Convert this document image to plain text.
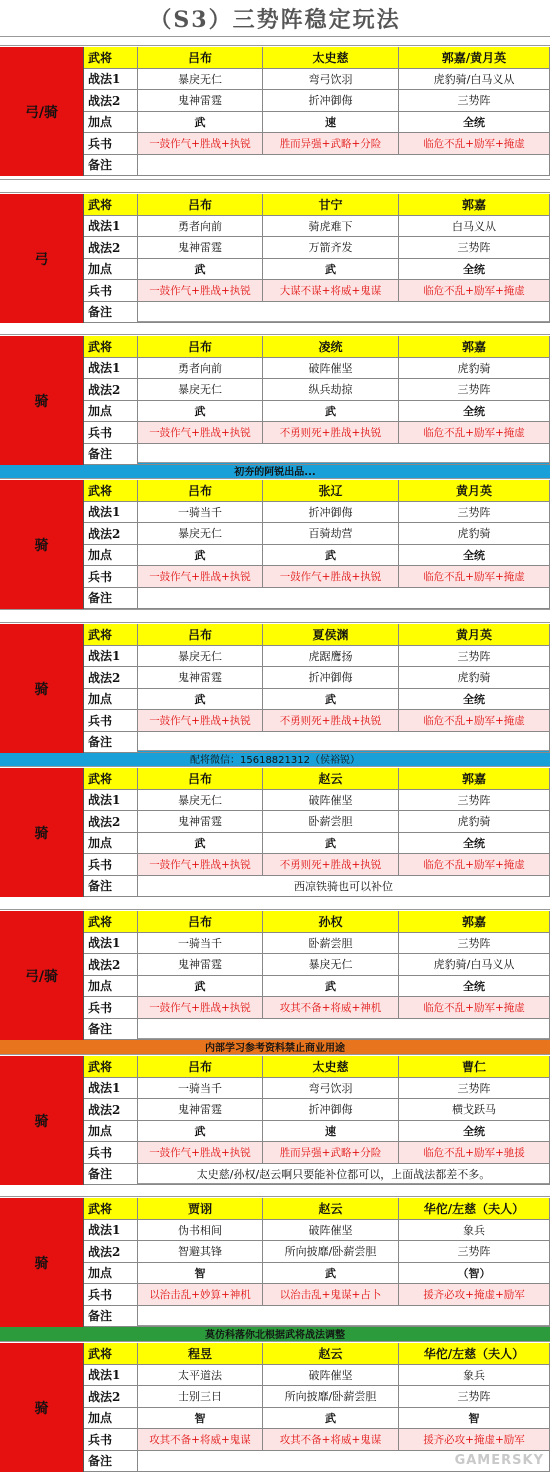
（S3）三势阵稳定玩法
初夯的阿锐出品...
配将微信：15618821312（侯裕锐）
内部学习参考资料禁止商业用途
莫仿科落你北根据武将战法调整
弓/骑
武将	吕布	太史慈	郭嘉/黄月英
战法1	暴戾无仁	弯弓饮羽	虎豹骑/白马义从
战法2	鬼神雷霆	折冲御侮	三势阵
加点	武	速	全统
兵书	一鼓作气+胜战+执锐	胜而异强+武略+分险	临危不乱+励军+掩虚
备注
弓
武将	吕布	甘宁	郭嘉
战法1	勇者向前	骑虎难下	白马义从
战法2	鬼神雷霆	万箭齐发	三势阵
加点	武	武	全统
兵书	一鼓作气+胜战+执锐	大谋不谋+将威+鬼谋	临危不乱+励军+掩虚
备注
骑
武将	吕布	凌统	郭嘉
战法1	勇者向前	破阵催坚	虎豹骑
战法2	暴戾无仁	纵兵劫掠	三势阵
加点	武	武	全统
兵书	一鼓作气+胜战+执锐	不勇则死+胜战+执锐	临危不乱+励军+掩虚
备注
骑
武将	吕布	张辽	黄月英
战法1	一骑当千	折冲御侮	三势阵
战法2	暴戾无仁	百骑劫营	虎豹骑
加点	武	武	全统
兵书	一鼓作气+胜战+执锐	一鼓作气+胜战+执锐	临危不乱+励军+掩虚
备注
骑
武将	吕布	夏侯渊	黄月英
战法1	暴戾无仁	虎踞鹰扬	三势阵
战法2	鬼神雷霆	折冲御侮	虎豹骑
加点	武	武	全统
兵书	一鼓作气+胜战+执锐	不勇则死+胜战+执锐	临危不乱+励军+掩虚
备注
骑
武将	吕布	赵云	郭嘉
战法1	暴戾无仁	破阵催坚	三势阵
战法2	鬼神雷霆	卧薪尝胆	虎豹骑
加点	武	武	全统
兵书	一鼓作气+胜战+执锐	不勇则死+胜战+执锐	临危不乱+励军+掩虚
备注	西凉铁骑也可以补位
弓/骑
武将	吕布	孙权	郭嘉
战法1	一骑当千	卧薪尝胆	三势阵
战法2	鬼神雷霆	暴戾无仁	虎豹骑/白马义从
加点	武	武	全统
兵书	一鼓作气+胜战+执锐	攻其不备+将威+神机	临危不乱+励军+掩虚
备注
骑
武将	吕布	太史慈	曹仁
战法1	一骑当千	弯弓饮羽	三势阵
战法2	鬼神雷霆	折冲御侮	横戈跃马
加点	武	速	全统
兵书	一鼓作气+胜战+执锐	胜而异强+武略+分险	临危不乱+励军+驰援
备注	太史慈/孙权/赵云啊只要能补位都可以，上面战法都差不多。
骑
武将	贾诩	赵云	华佗/左慈（夫人）
战法1	伪书相间	破阵催坚	象兵
战法2	智避其锋	所向披靡/卧薪尝胆	三势阵
加点	智	武	（智）
兵书	以治击乱+妙算+神机	以治击乱+鬼谋+占卜	援齐必攻+掩虚+励军
备注
骑
武将	程昱	赵云	华佗/左慈（夫人）
战法1	太平道法	破阵催坚	象兵
战法2	士别三日	所向披靡/卧薪尝胆	三势阵
加点	智	武	智
兵书	攻其不备+将威+鬼谋	攻其不备+将威+鬼谋	援齐必攻+掩虚+励军
备注	GAMERSKY
